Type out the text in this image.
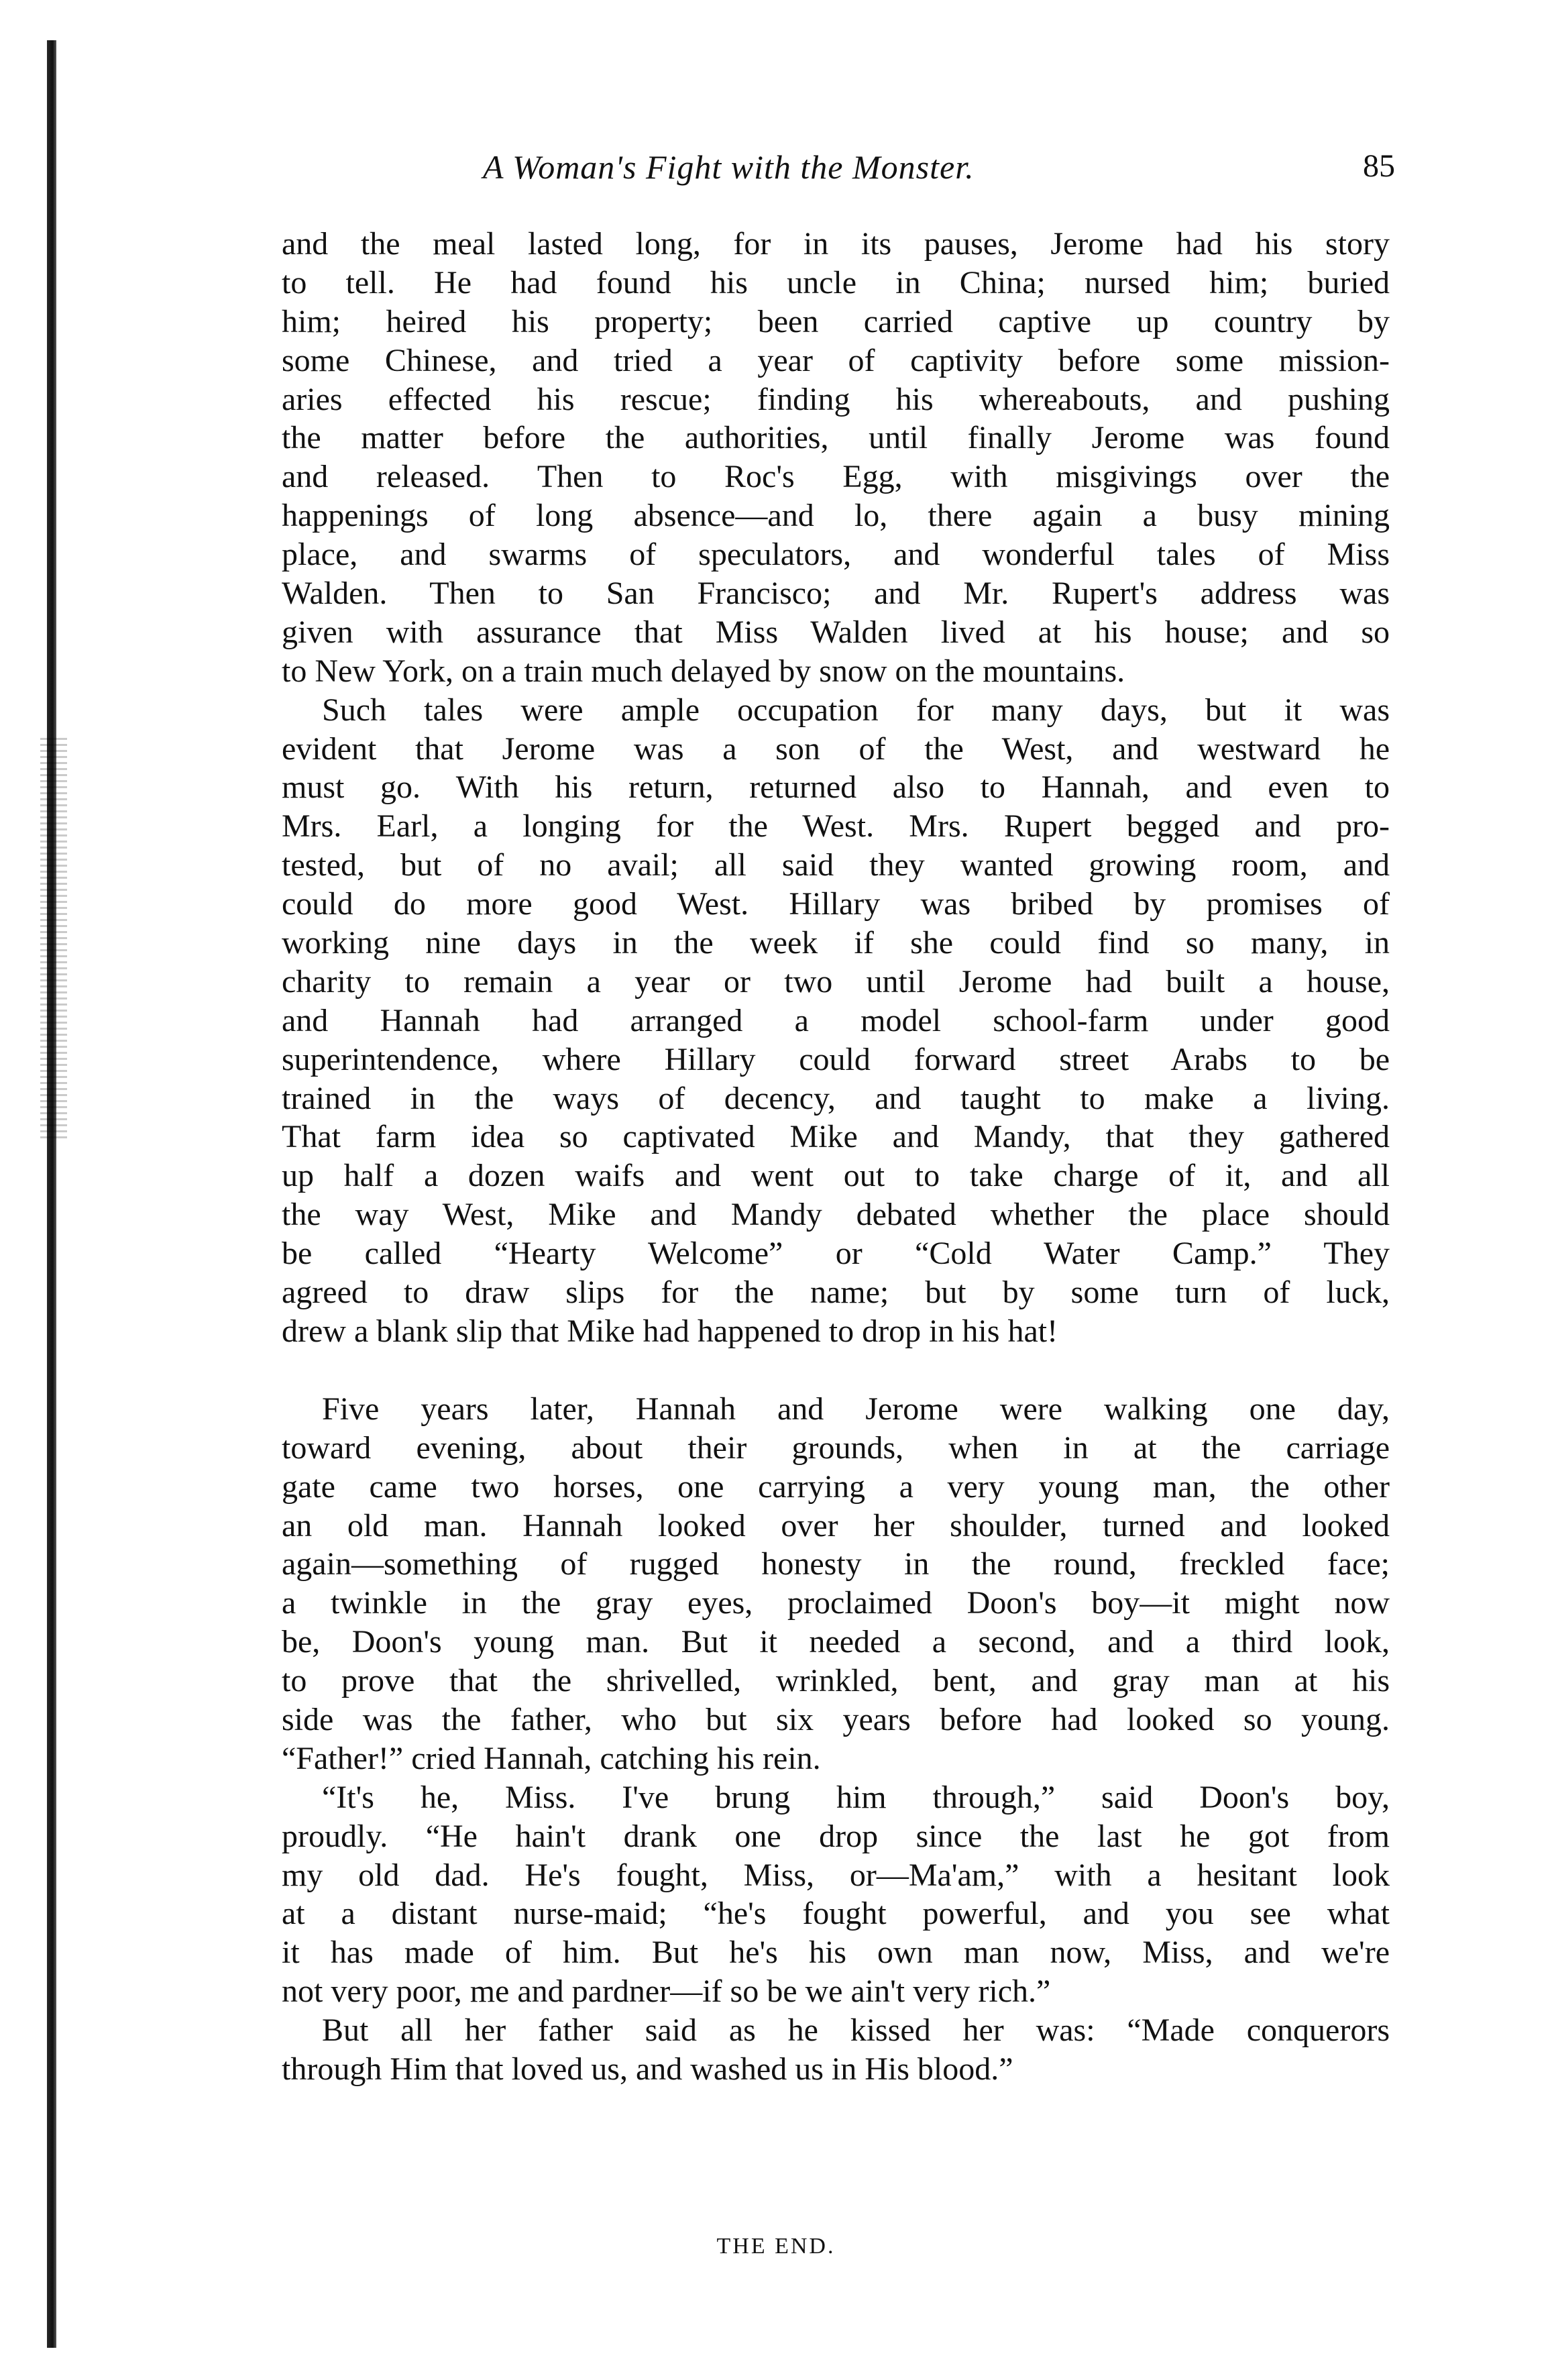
A Woman's Fight with the Monster.	85
and the meal lasted long, for in its pauses, Jerome had his story
to tell. He had found his uncle in China; nursed him; buried
him; heired his property; been carried captive up country by
some Chinese, and tried a year of captivity before some mission-
aries effected his rescue; finding his whereabouts, and pushing
the matter before the authorities, until finally Jerome was found
and released. Then to Roc's Egg, with misgivings over the
happenings of long absence—and lo, there again a busy mining
place, and swarms of speculators, and wonderful tales of Miss
Walden. Then to San Francisco; and Mr. Rupert's address was
given with assurance that Miss Walden lived at his house; and so
to New York, on a train much delayed by snow on the mountains.
Such tales were ample occupation for many days, but it was
evident that Jerome was a son of the West, and westward he
must go. With his return, returned also to Hannah, and even to
Mrs. Earl, a longing for the West. Mrs. Rupert begged and pro-
tested, but of no avail; all said they wanted growing room, and
could do more good West. Hillary was bribed by promises of
working nine days in the week if she could find so many, in
charity to remain a year or two until Jerome had built a house,
and Hannah had arranged a model school-farm under good
superintendence, where Hillary could forward street Arabs to be
trained in the ways of decency, and taught to make a living.
That farm idea so captivated Mike and Mandy, that they gathered
up half a dozen waifs and went out to take charge of it, and all
the way West, Mike and Mandy debated whether the place should
be called “Hearty Welcome” or “Cold Water Camp.” They
agreed to draw slips for the name; but by some turn of luck,
drew a blank slip that Mike had happened to drop in his hat!
Five years later, Hannah and Jerome were walking one day,
toward evening, about their grounds, when in at the carriage
gate came two horses, one carrying a very young man, the other
an old man. Hannah looked over her shoulder, turned and looked
again—something of rugged honesty in the round, freckled face;
a twinkle in the gray eyes, proclaimed Doon's boy—it might now
be, Doon's young man. But it needed a second, and a third look,
to prove that the shrivelled, wrinkled, bent, and gray man at his
side was the father, who but six years before had looked so young.
“Father!” cried Hannah, catching his rein.
“It's he, Miss. I've brung him through,” said Doon's boy,
proudly. “He hain't drank one drop since the last he got from
my old dad. He's fought, Miss, or—Ma'am,” with a hesitant look
at a distant nurse-maid; “he's fought powerful, and you see what
it has made of him. But he's his own man now, Miss, and we're
not very poor, me and pardner—if so be we ain't very rich.”
But all her father said as he kissed her was: “Made conquerors
through Him that loved us, and washed us in His blood.”
THE END.
